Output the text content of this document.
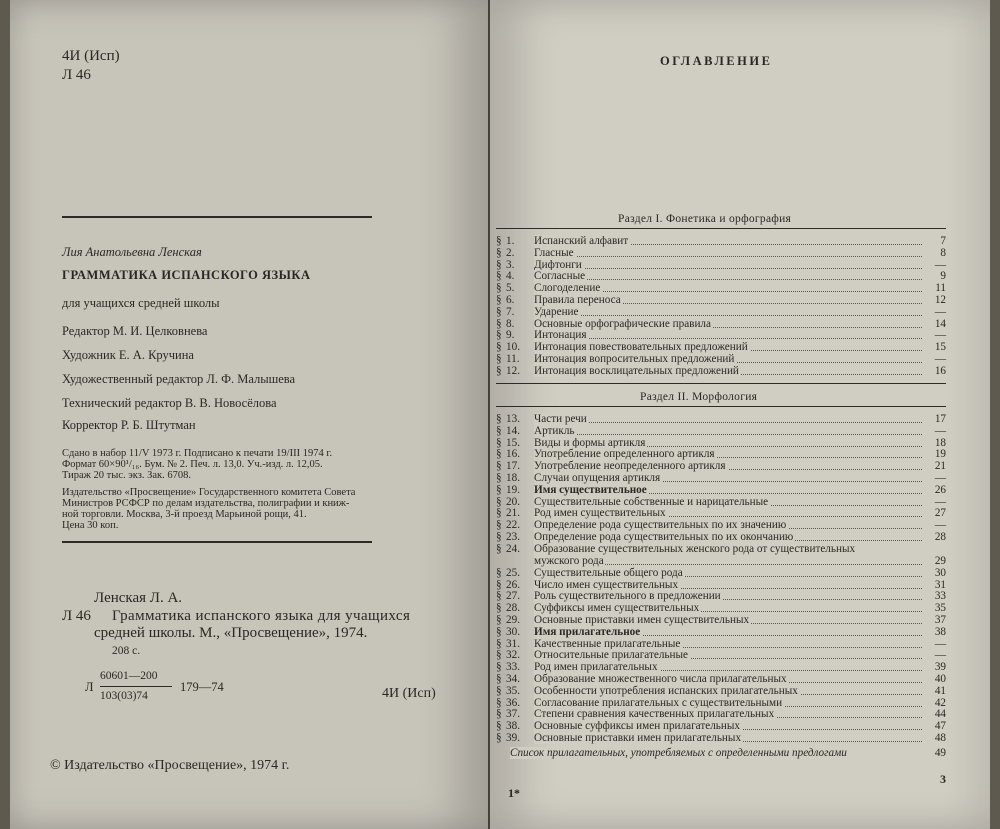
4И (Исп)
Л 46
Лия Анатольевна Ленская
ГРАММАТИКА ИСПАНСКОГО ЯЗЫКА
для учащихся средней школы
Редактор М. И. Целковнева
Художник Е. А. Кручина
Художественный редактор Л. Ф. Малышева
Технический редактор В. В. Новосёлова
Корректор Р. Б. Штутман
Сдано в набор 11/V 1973 г. Подписано к печати 19/III 1974 г.
Формат 60×90¹/₁₆. Бум. № 2. Печ. л. 13,0. Уч.-изд. л. 12,05.
Тираж 20 тыс. экз. Зак. 6708.
Издательство «Просвещение» Государственного комитета Совета
Министров РСФСР по делам издательства, полиграфии и книж-
ной торговли. Москва, 3-й проезд Марьиной рощи, 41.
Цена 30 коп.
Ленская Л. А.
Л 46 Грамматика испанского языка для учащихся
средней школы. М., «Просвещение», 1974.
208 с.
Л
60601—200
103(03)74
179—74	4И (Исп)
© Издательство «Просвещение», 1974 г.
ОГЛАВЛЕНИЕ
Раздел I. Фонетика и орфография
§ 1. Испанский алфавит	7
§ 2. Гласные	8
§ 3. Дифтонги	—
§ 4. Согласные	9
§ 5. Слогоделение	11
§ 6. Правила переноса	12
§ 7. Ударение	—
§ 8. Основные орфографические правила	14
§ 9. Интонация	—
§ 10. Интонация повествовательных предложений	15
§ 11. Интонация вопросительных предложений	—
§ 12. Интонация восклицательных предложений	16
Раздел II. Морфология
§ 13. Части речи	17
§ 14. Артикль	—
§ 15. Виды и формы артикля	18
§ 16. Употребление определенного артикля	19
§ 17. Употребление неопределенного артикля	21
§ 18. Случаи опущения артикля	—
§ 19. Имя существительное	26
§ 20. Существительные собственные и нарицательные	—
§ 21. Род имен существительных	27
§ 22. Определение рода существительных по их значению	—
§ 23. Определение рода существительных по их окончанию	28
§ 24. Образование существительных женского рода от существительных
мужского рода	29
§ 25. Существительные общего рода	30
§ 26. Число имен существительных	31
§ 27. Роль существительного в предложении	33
§ 28. Суффиксы имен существительных	35
§ 29. Основные приставки имен существительных	37
§ 30. Имя прилагательное	38
§ 31. Качественные прилагательные	—
§ 32. Относительные прилагательные	—
§ 33. Род имен прилагательных	39
§ 34. Образование множественного числа прилагательных	40
§ 35. Особенности употребления испанских прилагательных	41
§ 36. Согласование прилагательных с существительными	42
§ 37. Степени сравнения качественных прилагательных	44
§ 38. Основные суффиксы имен прилагательных	47
§ 39. Основные приставки имен прилагательных	48
Список прилагательных, употребляемых с определенными предлогами	49
1*
3
